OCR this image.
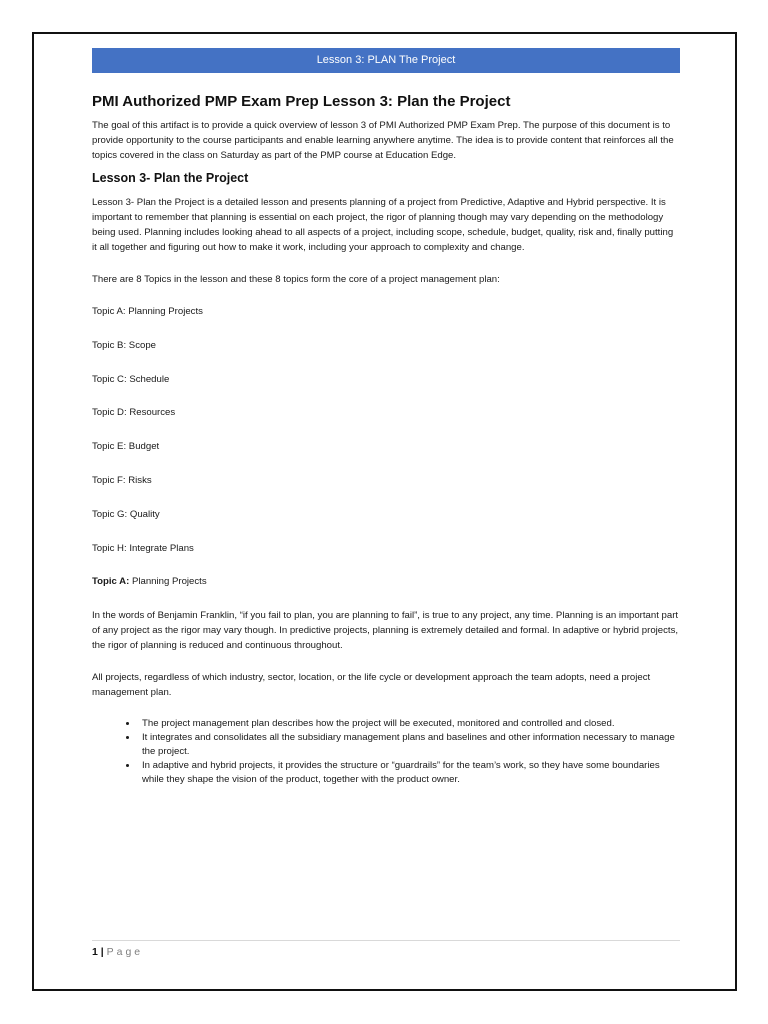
Lesson 3: PLAN The Project
PMI Authorized PMP Exam Prep Lesson 3: Plan the Project

The goal of this artifact is to provide a quick overview of lesson 3 of PMI Authorized PMP Exam Prep. The purpose of this document is to provide opportunity to the course participants and enable learning anywhere anytime. The idea is to provide content that reinforces all the topics covered in the class on Saturday as part of the PMP course at Education Edge.

Lesson 3- Plan the Project

Lesson 3- Plan the Project is a detailed lesson and presents planning of a project from Predictive, Adaptive and Hybrid perspective. It is important to remember that planning is essential on each project, the rigor of planning though may vary depending on the methodology being used. Planning includes looking ahead to all aspects of a project, including scope, schedule, budget, quality, risk and, finally putting it all together and figuring out how to make it work, including your approach to complexity and change.

There are 8 Topics in the lesson and these 8 topics form the core of a project management plan:

Topic A: Planning Projects

Topic B: Scope

Topic C: Schedule

Topic D: Resources

Topic E: Budget

Topic F: Risks

Topic G: Quality

Topic H: Integrate Plans

Topic A: Planning Projects

In the words of Benjamin Franklin, “if you fail to plan, you are planning to fail”, is true to any project, any time. Planning is an important part of any project as the rigor may vary though. In predictive projects, planning is extremely detailed and formal. In adaptive or hybrid projects, the rigor of planning is reduced and continuous throughout.

All projects, regardless of which industry, sector, location, or the life cycle or development approach the team adopts, need a project management plan.

• The project management plan describes how the project will be executed, monitored and controlled and closed.
• It integrates and consolidates all the subsidiary management plans and baselines and other information necessary to manage the project.
• In adaptive and hybrid projects, it provides the structure or “guardrails” for the team’s work, so they have some boundaries while they shape the vision of the product, together with the product owner.
1 | Page
